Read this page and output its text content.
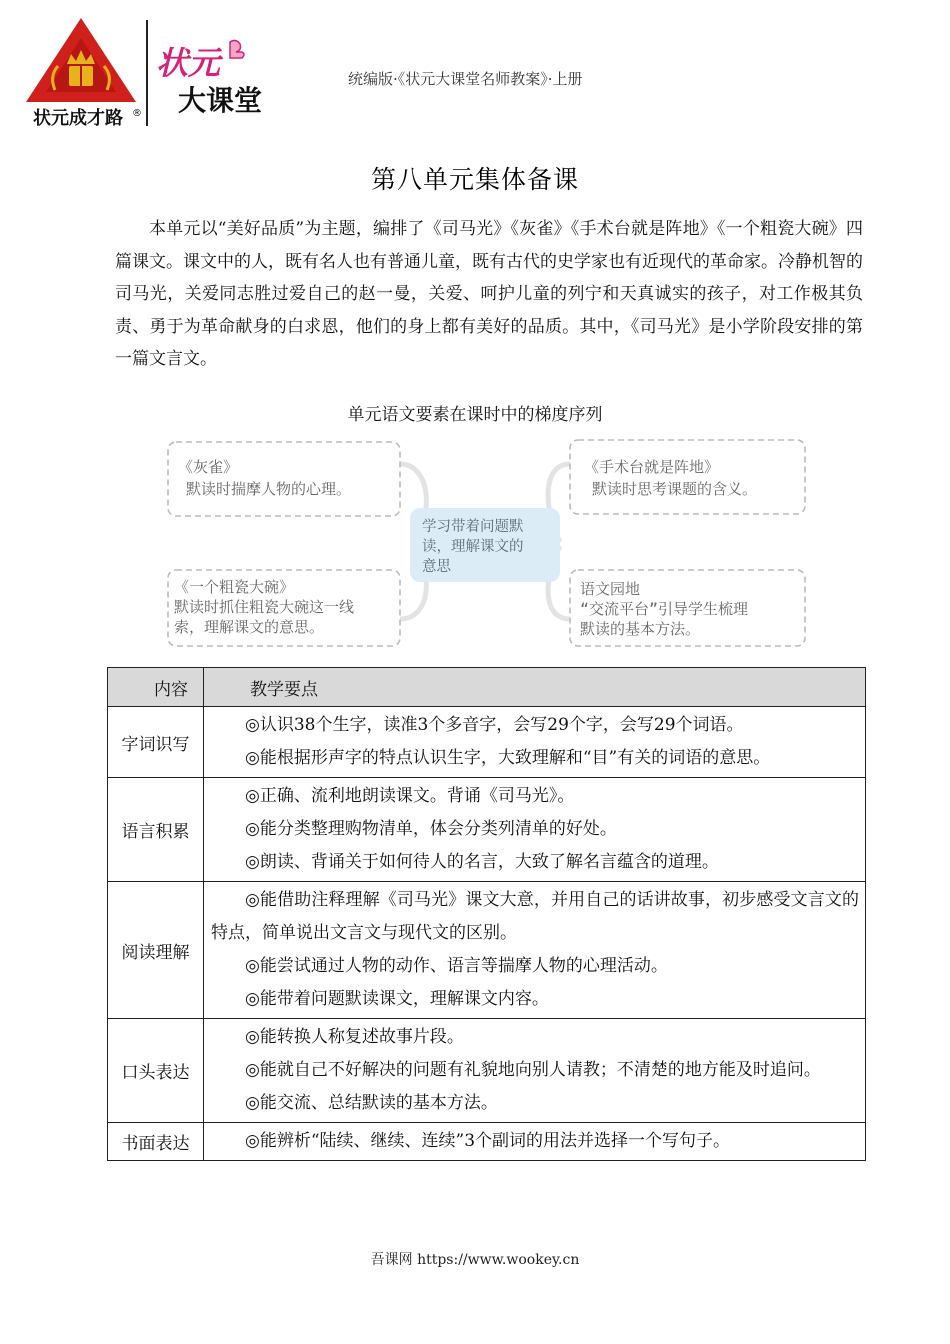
状元成才路 ®
状元
大课堂
统编版·《状元大课堂名师教案》·上册
第八单元集体备课

本单元以“美好品质”为主题，编排了《司马光》《灰雀》《手术台就是阵地》《一个粗瓷大碗》四篇课文。课文中的人，既有名人也有普通儿童，既有古代的史学家也有近现代的革命家。冷静机智的司马光，关爱同志胜过爱自己的赵一曼，关爱、呵护儿童的列宁和天真诚实的孩子，对工作极其负责、勇于为革命献身的白求恩，他们的身上都有美好的品质。其中，《司马光》是小学阶段安排的第一篇文言文。

单元语文要素在课时中的梯度序列
学习带着问题默
读，理解课文的
意思
《灰雀》
默读时揣摩人物的心理。
《手术台就是阵地》
默读时思考课题的含义。
《一个粗瓷大碗》
默读时抓住粗瓷大碗这一线
索，理解课文的意思。
语文园地
“交流平台”引导学生梳理
默读的基本方法。
内容	教学要点
字词识写	◎认识38个生字，读准3个多音字，会写29个字，会写29个词语。

◎能根据形声字的特点认识生字，大致理解和“目”有关的词语的意思。

语言积累	◎正确、流利地朗读课文。背诵《司马光》。

◎能分类整理购物清单，体会分类列清单的好处。

◎朗读、背诵关于如何待人的名言，大致了解名言蕴含的道理。

阅读理解	◎能借助注释理解《司马光》课文大意，并用自己的话讲故事，初步感受文言文的特点，简单说出文言文与现代文的区别。

◎能尝试通过人物的动作、语言等揣摩人物的心理活动。

◎能带着问题默读课文，理解课文内容。

口头表达	◎能转换人称复述故事片段。

◎能就自己不好解决的问题有礼貌地向别人请教；不清楚的地方能及时追问。

◎能交流、总结默读的基本方法。

书面表达	◎能辨析“陆续、继续、连续”3个副词的用法并选择一个写句子。

吾课网 https://www.wookey.cn
